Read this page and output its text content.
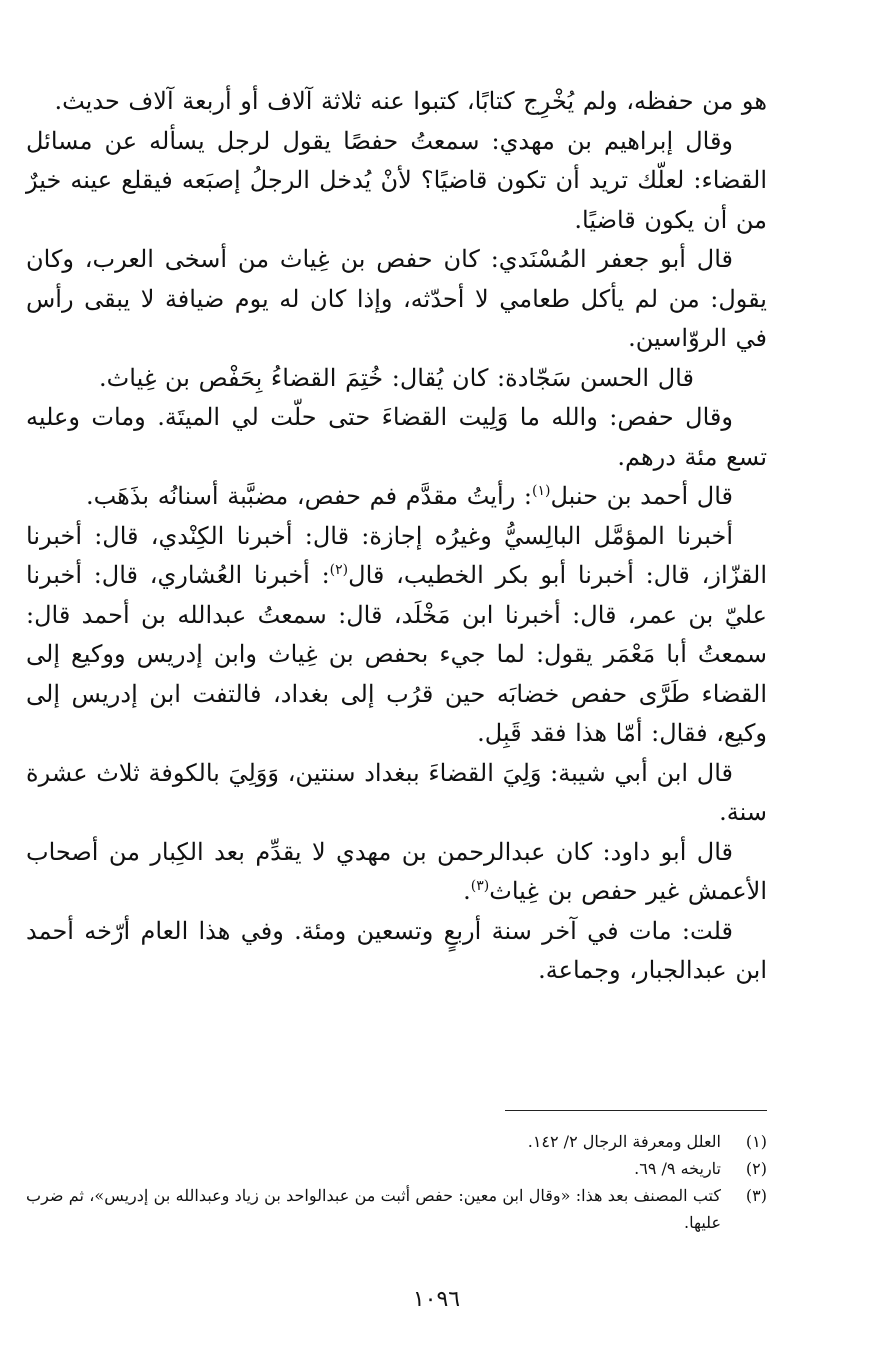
هو من حفظه، ولم يُخْرِج كتابًا، كتبوا عنه ثلاثة آلاف أو أربعة آلاف حديث.

وقال إبراهيم بن مهدي: سمعتُ حفصًا يقول لرجل يسأله عن مسائل القضاء: لعلّك تريد أن تكون قاضيًا؟ لأنْ يُدخل الرجلُ إصبَعه فيقلع عينه خيرٌ من أن يكون قاضيًا.

قال أبو جعفر المُسْنَدي: كان حفص بن غِياث من أسخى العرب، وكان يقول: من لم يأكل طعامي لا أحدّثه، وإذا كان له يوم ضيافة لا يبقى رأس في الروّاسين.

قال الحسن سَجّادة: كان يُقال: خُتِمَ القضاءُ بِحَفْص بن غِياث.

وقال حفص: والله ما وَلِيت القضاءَ حتى حلّت لي الميتَة. ومات وعليه تسع مئة درهم.

قال أحمد بن حنبل$^{(١)}$: رأيتُ مقدَّم فم حفص، مضبَّبة أسنانُه بذَهَب.

أخبرنا المؤمَّل البالِسيُّ وغيرُه إجازة: قال: أخبرنا الكِنْدي، قال: أخبرنا القزّاز، قال: أخبرنا أبو بكر الخطيب، قال$^{(٢)}$: أخبرنا العُشاري، قال: أخبرنا عليّ بن عمر، قال: أخبرنا ابن مَخْلَد، قال: سمعتُ عبدالله بن أحمد قال: سمعتُ أبا مَعْمَر يقول: لما جيء بحفص بن غِياث وابن إدريس ووكيع إلى القضاء طَرَّى حفص خضابَه حين قرُب إلى بغداد، فالتفت ابن إدريس إلى وكيع، فقال: أمّا هذا فقد قَبِل.

قال ابن أبي شيبة: وَلِيَ القضاءَ ببغداد سنتين، وَوَلِيَ بالكوفة ثلاث عشرة سنة.

قال أبو داود: كان عبدالرحمن بن مهدي لا يقدِّم بعد الكِبار من أصحاب الأعمش غير حفص بن غِياث$^{(٣)}$.

قلت: مات في آخر سنة أربعٍ وتسعين ومئة. وفي هذا العام أرّخه أحمد ابن عبدالجبار، وجماعة.

(١)
العلل ومعرفة الرجال ٢/ ١٤٢.
(٢)
تاريخه ٩/ ٦٩.
(٣)
كتب المصنف بعد هذا: «وقال ابن معين: حفص أثبت من عبدالواحد بن زياد وعبدالله بن إدريس»، ثم ضرب عليها.
١٠٩٦
